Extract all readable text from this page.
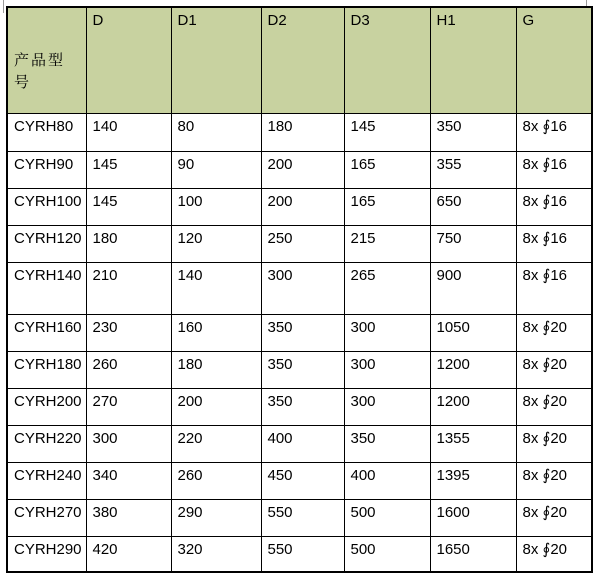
产品型号	D	D1	D2	D3	H1	G
CYRH80	140	80	180	145	350	8x ∮16
CYRH90	145	90	200	165	355	8x ∮16
CYRH100	145	100	200	165	650	8x ∮16
CYRH120	180	120	250	215	750	8x ∮16
CYRH140	210	140	300	265	900	8x ∮16
CYRH160	230	160	350	300	1050	8x ∮20
CYRH180	260	180	350	300	1200	8x ∮20
CYRH200	270	200	350	300	1200	8x ∮20
CYRH220	300	220	400	350	1355	8x ∮20
CYRH240	340	260	450	400	1395	8x ∮20
CYRH270	380	290	550	500	1600	8x ∮20
CYRH290	420	320	550	500	1650	8x ∮20
